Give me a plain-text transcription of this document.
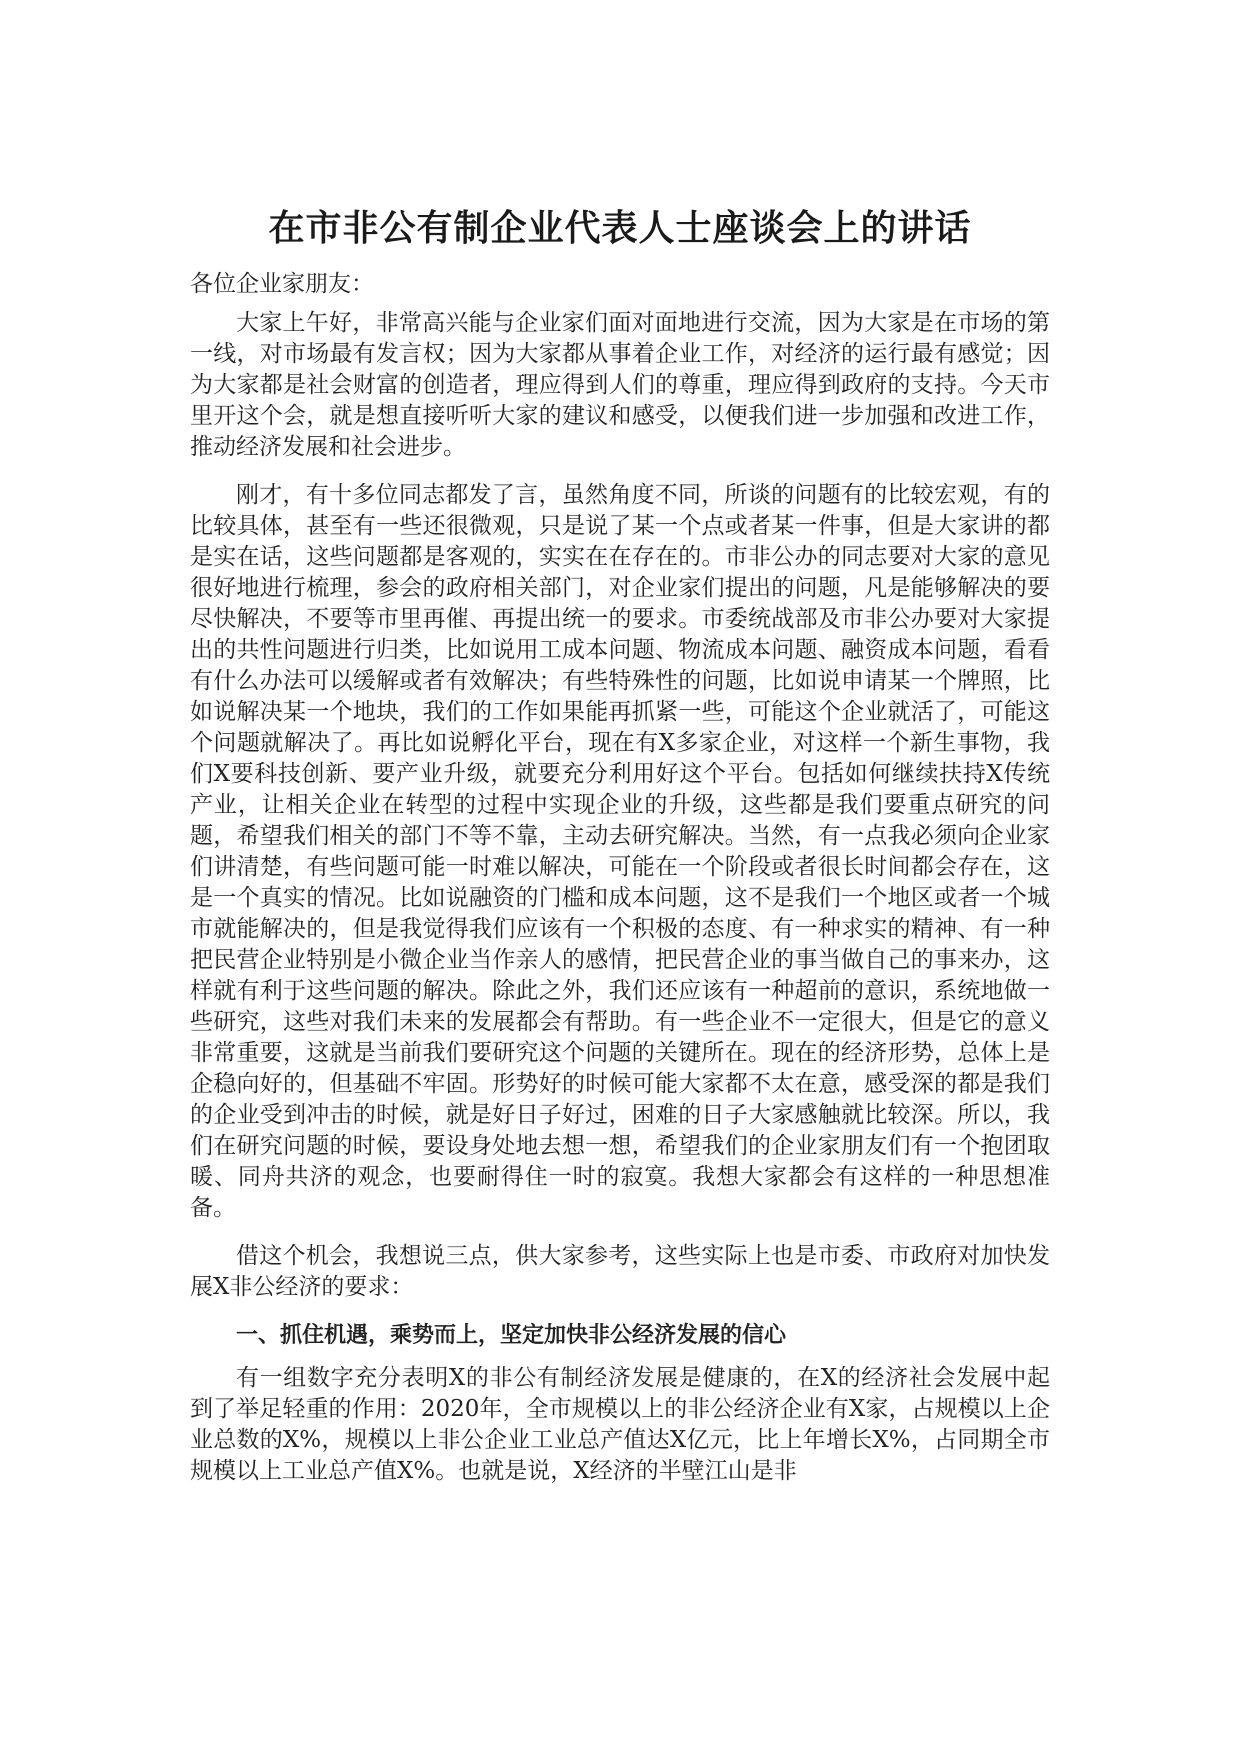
在市非公有制企业代表人士座谈会上的讲话

各位企业家朋友：

大家上午好，非常高兴能与企业家们面对面地进行交流，因为大家是在市场的第一线，对市场最有发言权；因为大家都从事着企业工作，对经济的运行最有感觉；因为大家都是社会财富的创造者，理应得到人们的尊重，理应得到政府的支持。今天市里开这个会，就是想直接听听大家的建议和感受，以便我们进一步加强和改进工作，推动经济发展和社会进步。

刚才，有十多位同志都发了言，虽然角度不同，所谈的问题有的比较宏观，有的比较具体，甚至有一些还很微观，只是说了某一个点或者某一件事，但是大家讲的都是实在话，这些问题都是客观的，实实在在存在的。市非公办的同志要对大家的意见很好地进行梳理，参会的政府相关部门，对企业家们提出的问题，凡是能够解决的要尽快解决，不要等市里再催、再提出统一的要求。市委统战部及市非公办要对大家提出的共性问题进行归类，比如说用工成本问题、物流成本问题、融资成本问题，看看有什么办法可以缓解或者有效解决；有些特殊性的问题，比如说申请某一个牌照，比如说解决某一个地块，我们的工作如果能再抓紧一些，可能这个企业就活了，可能这个问题就解决了。再比如说孵化平台，现在有X多家企业，对这样一个新生事物，我们X要科技创新、要产业升级，就要充分利用好这个平台。包括如何继续扶持X传统产业，让相关企业在转型的过程中实现企业的升级，这些都是我们要重点研究的问题，希望我们相关的部门不等不靠，主动去研究解决。当然，有一点我必须向企业家们讲清楚，有些问题可能一时难以解决，可能在一个阶段或者很长时间都会存在，这是一个真实的情况。比如说融资的门槛和成本问题，这不是我们一个地区或者一个城市就能解决的，但是我觉得我们应该有一个积极的态度、有一种求实的精神、有一种把民营企业特别是小微企业当作亲人的感情，把民营企业的事当做自己的事来办，这样就有利于这些问题的解决。除此之外，我们还应该有一种超前的意识，系统地做一些研究，这些对我们未来的发展都会有帮助。有一些企业不一定很大，但是它的意义非常重要，这就是当前我们要研究这个问题的关键所在。现在的经济形势，总体上是企稳向好的，但基础不牢固。形势好的时候可能大家都不太在意，感受深的都是我们的企业受到冲击的时候，就是好日子好过，困难的日子大家感触就比较深。所以，我们在研究问题的时候，要设身处地去想一想，希望我们的企业家朋友们有一个抱团取暖、同舟共济的观念，也要耐得住一时的寂寞。我想大家都会有这样的一种思想准备。

借这个机会，我想说三点，供大家参考，这些实际上也是市委、市政府对加快发展X非公经济的要求：

一、抓住机遇，乘势而上，坚定加快非公经济发展的信心

有一组数字充分表明X的非公有制经济发展是健康的，在X的经济社会发展中起到了举足轻重的作用：2020年，全市规模以上的非公经济企业有X家，占规模以上企业总数的X%，规模以上非公企业工业总产值达X亿元，比上年增长X%，占同期全市规模以上工业总产值X%。也就是说，X经济的半壁江山是非
